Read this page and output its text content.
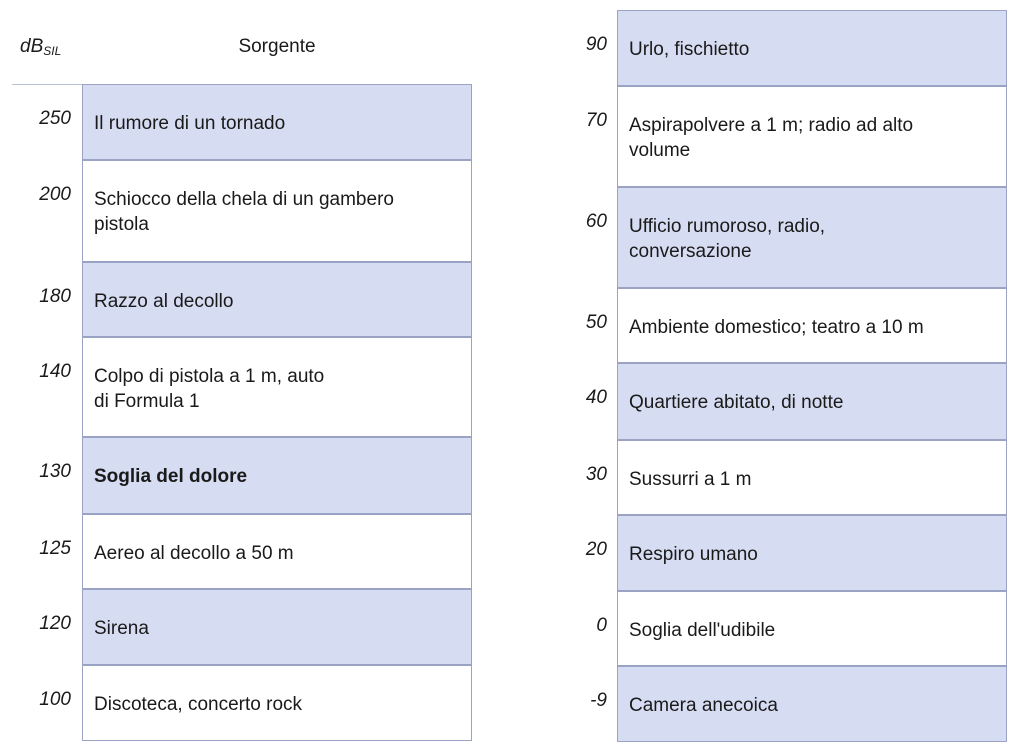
$dB_{SIL}$	Sorgente
250 Il rumore di un tornado
200 Schiocco della chela di un gambero
pistola
180 Razzo al decollo
140 Colpo di pistola a 1 m, auto
di Formula 1
130 Soglia del dolore
125 Aereo al decollo a 50 m
120 Sirena
100 Discoteca, concerto rock
90 Urlo, fischietto
70 Aspirapolvere a 1 m; radio ad alto
volume
60 Ufficio rumoroso, radio,
conversazione
50 Ambiente domestico; teatro a 10 m
40 Quartiere abitato, di notte
30 Sussurri a 1 m
20 Respiro umano
0 Soglia dell'udibile
-9 Camera anecoica
